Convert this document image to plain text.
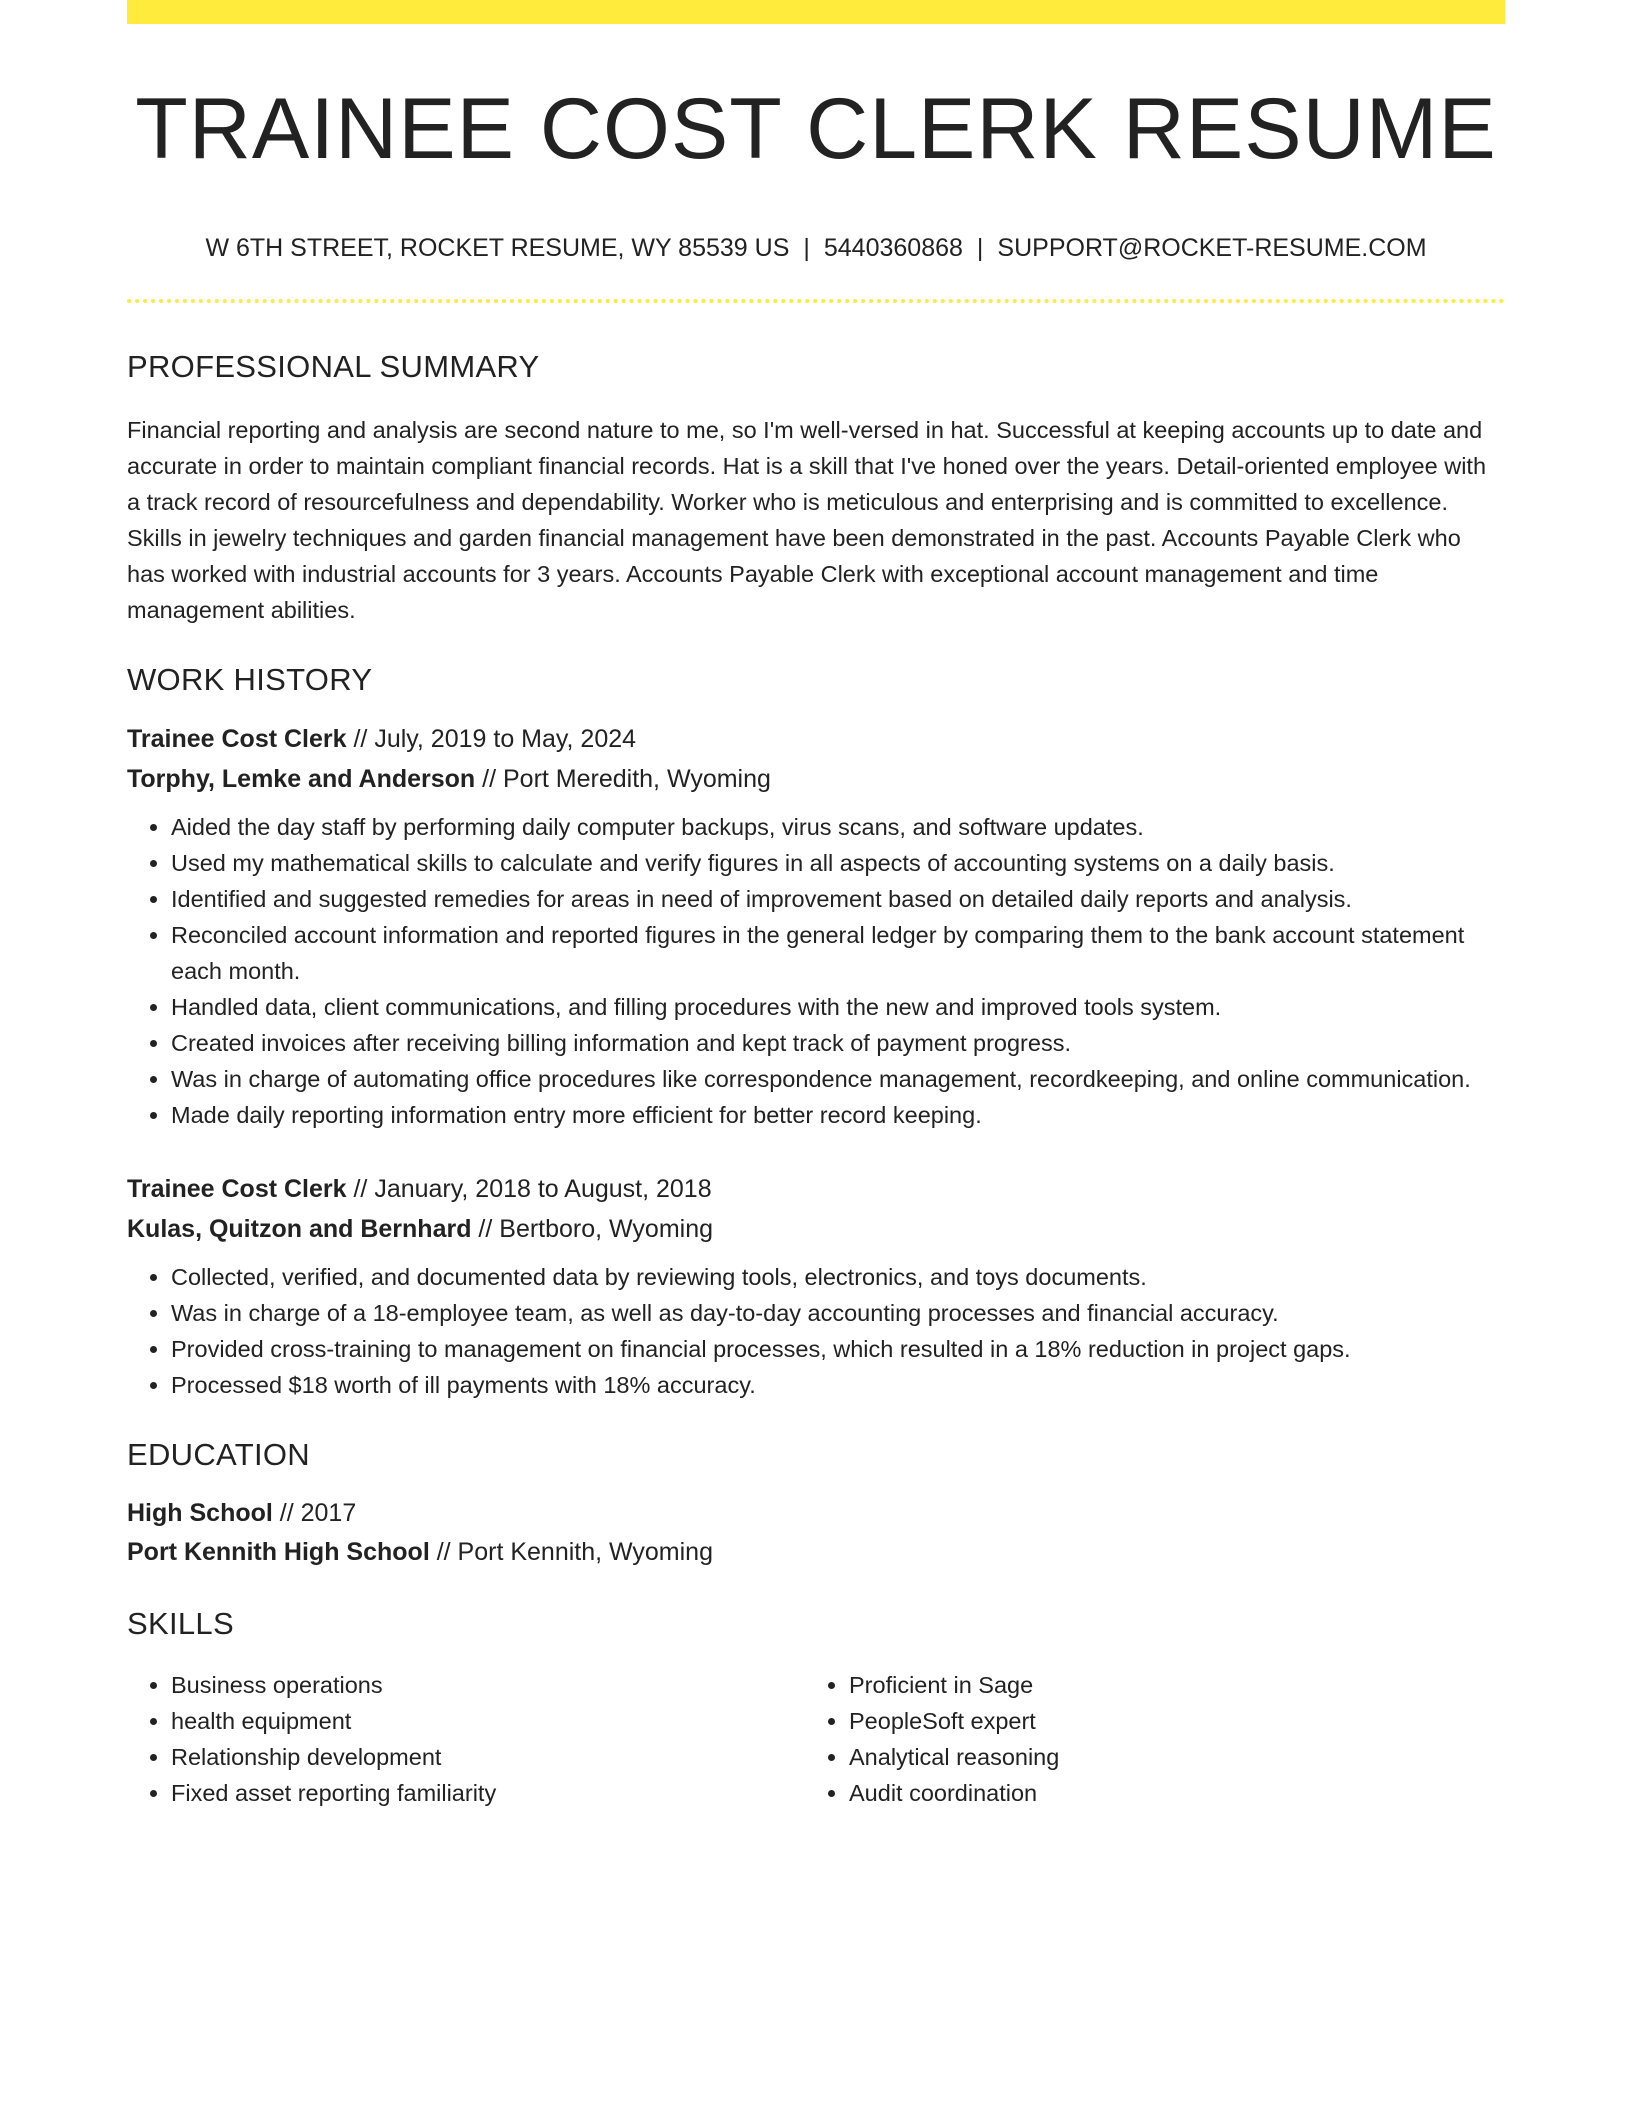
TRAINEE COST CLERK RESUME
W 6TH STREET, ROCKET RESUME, WY 85539 US | 5440360868 | SUPPORT@ROCKET-RESUME.COM
PROFESSIONAL SUMMARY
Financial reporting and analysis are second nature to me, so I'm well-versed in hat. Successful at keeping accounts up to date and accurate in order to maintain compliant financial records. Hat is a skill that I've honed over the years. Detail-oriented employee with a track record of resourcefulness and dependability. Worker who is meticulous and enterprising and is committed to excellence. Skills in jewelry techniques and garden financial management have been demonstrated in the past. Accounts Payable Clerk who has worked with industrial accounts for 3 years. Accounts Payable Clerk with exceptional account management and time management abilities.
WORK HISTORY
Trainee Cost Clerk // July, 2019 to May, 2024
Torphy, Lemke and Anderson // Port Meredith, Wyoming
• Aided the day staff by performing daily computer backups, virus scans, and software updates.
• Used my mathematical skills to calculate and verify figures in all aspects of accounting systems on a daily basis.
• Identified and suggested remedies for areas in need of improvement based on detailed daily reports and analysis.
• Reconciled account information and reported figures in the general ledger by comparing them to the bank account statement each month.
• Handled data, client communications, and filling procedures with the new and improved tools system.
• Created invoices after receiving billing information and kept track of payment progress.
• Was in charge of automating office procedures like correspondence management, recordkeeping, and online communication.
• Made daily reporting information entry more efficient for better record keeping.
Trainee Cost Clerk // January, 2018 to August, 2018
Kulas, Quitzon and Bernhard // Bertboro, Wyoming
• Collected, verified, and documented data by reviewing tools, electronics, and toys documents.
• Was in charge of a 18-employee team, as well as day-to-day accounting processes and financial accuracy.
• Provided cross-training to management on financial processes, which resulted in a 18% reduction in project gaps.
• Processed $18 worth of ill payments with 18% accuracy.
EDUCATION
High School // 2017
Port Kennith High School // Port Kennith, Wyoming
SKILLS
• Business operations
• health equipment
• Relationship development
• Fixed asset reporting familiarity
• Proficient in Sage
• PeopleSoft expert
• Analytical reasoning
• Audit coordination
